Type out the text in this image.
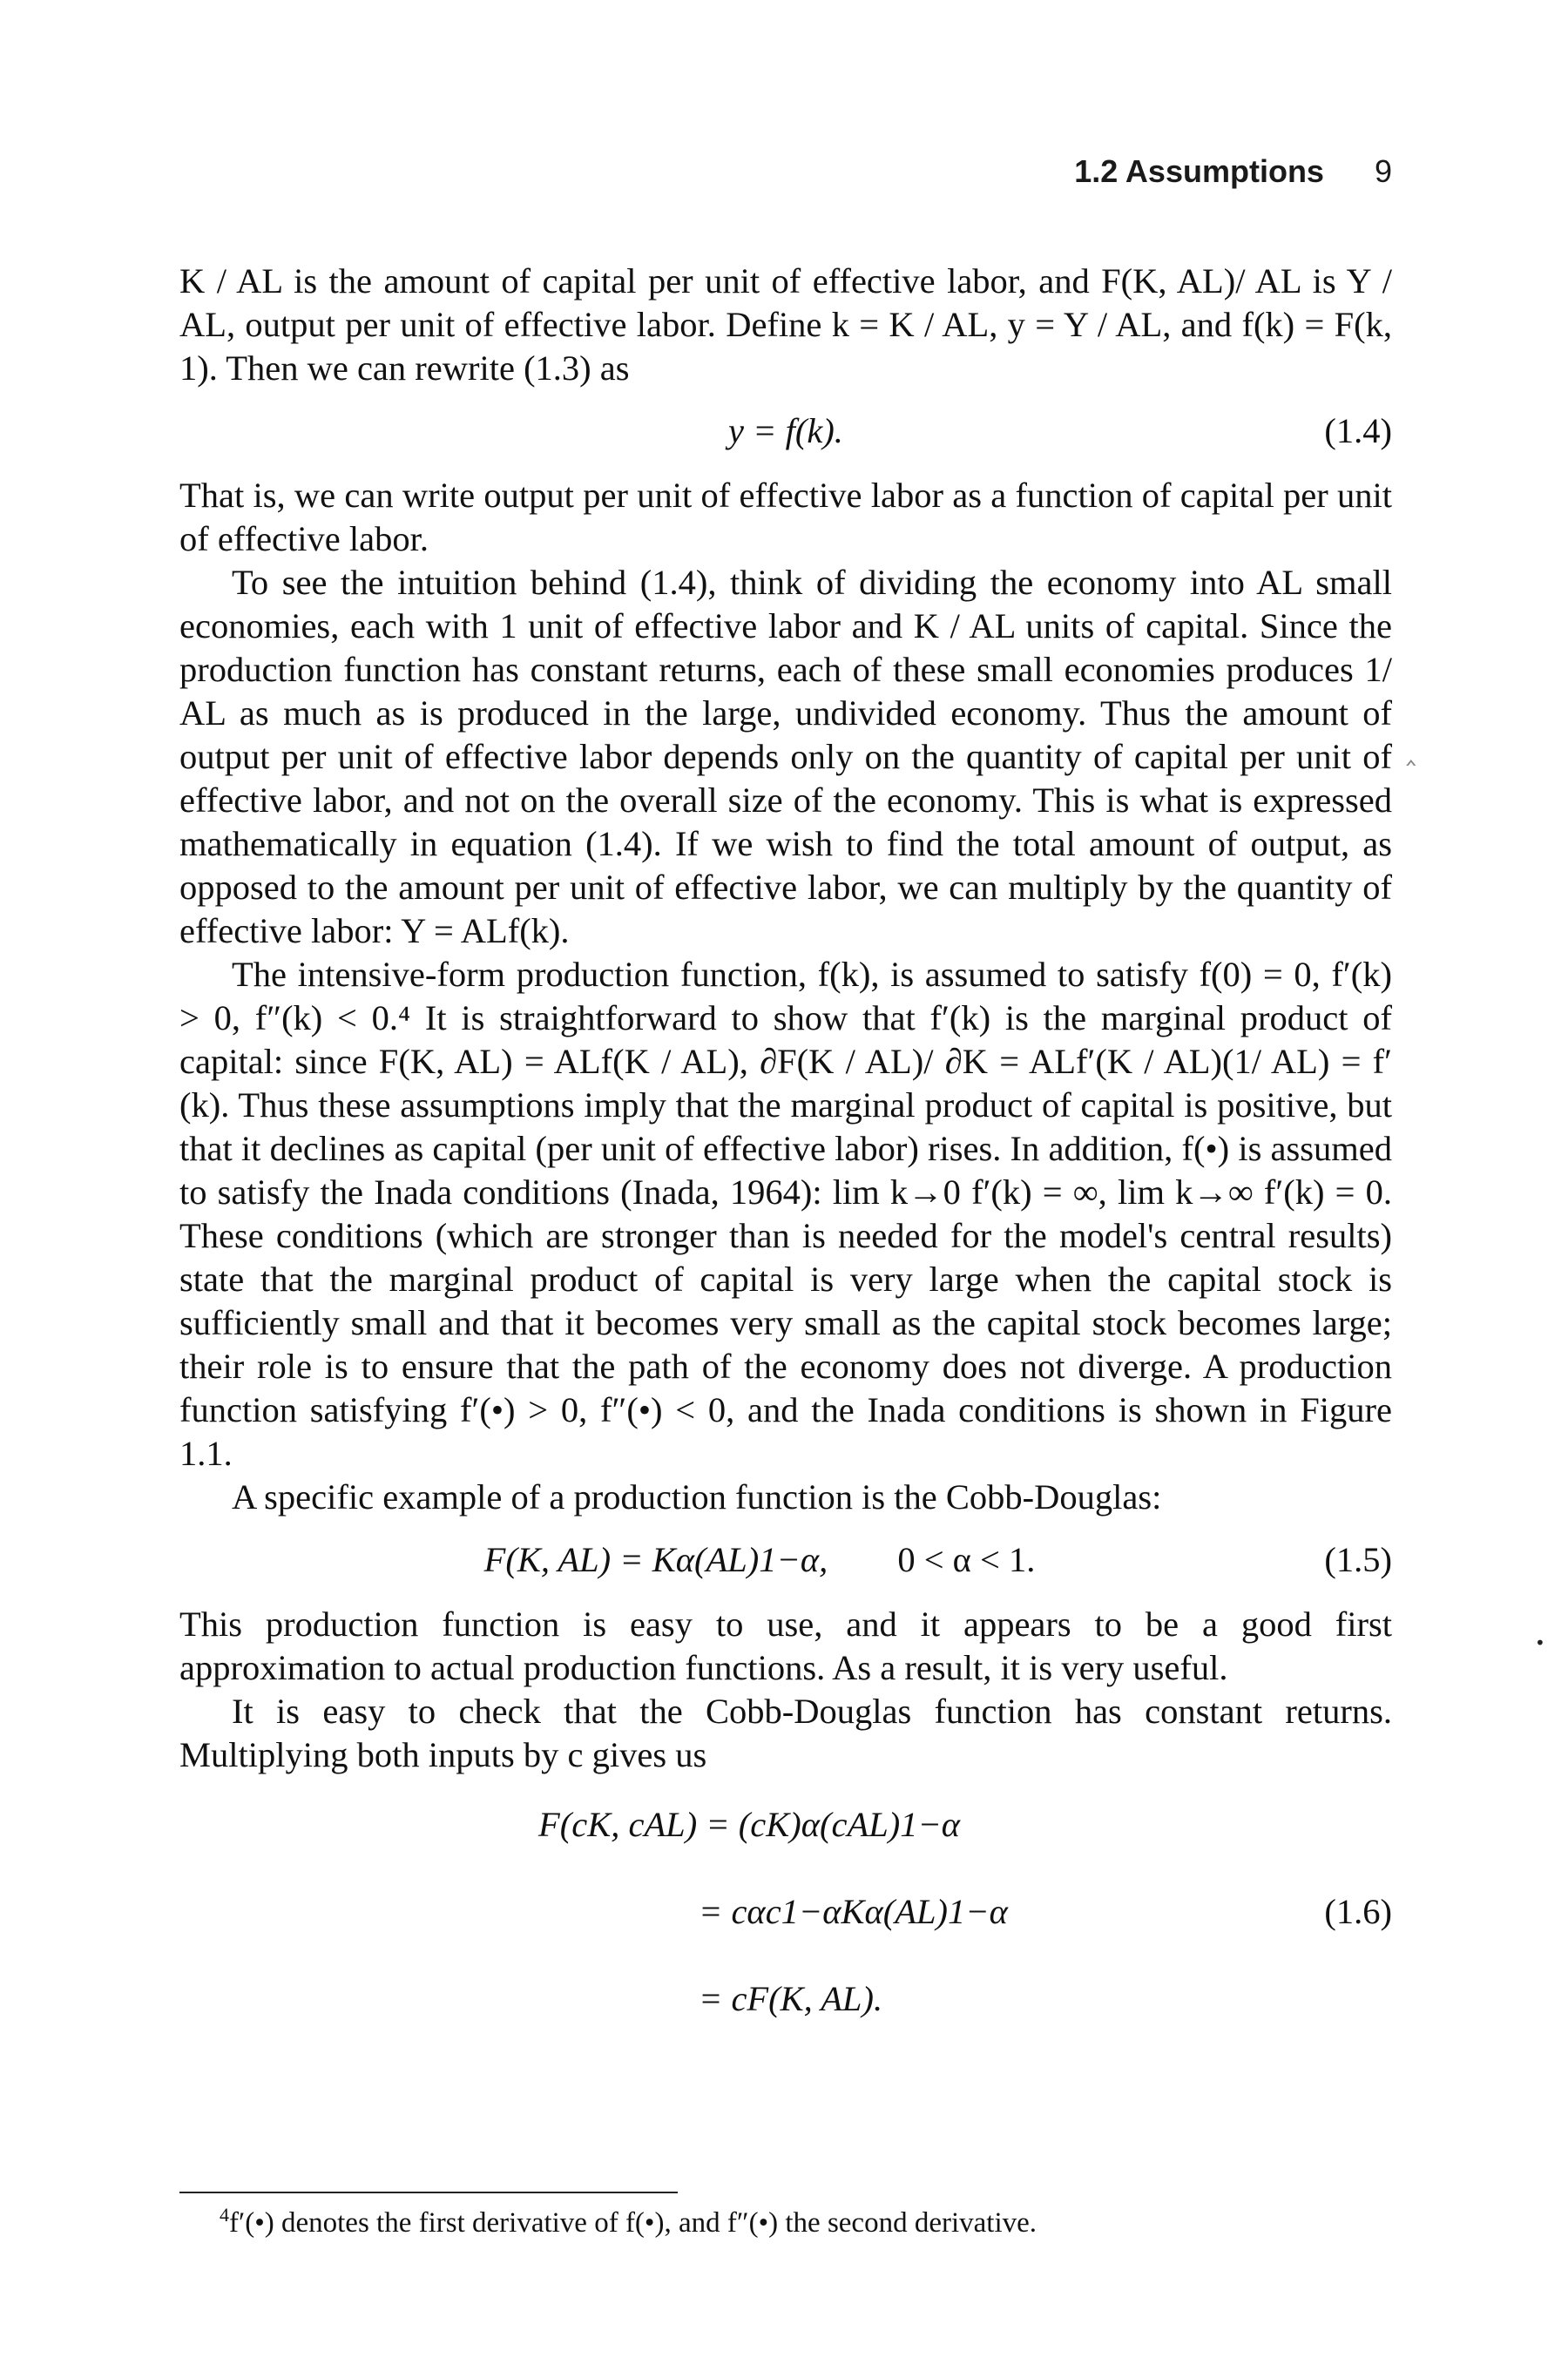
1.2 Assumptions 9

K / AL is the amount of capital per unit of effective labor, and F(K, AL)/ AL is Y / AL, output per unit of effective labor. Define k = K / AL, y = Y / AL, and f(k) = F(k, 1). Then we can rewrite (1.3) as

y = f(k).	(1.4)

That is, we can write output per unit of effective labor as a function of capital per unit of effective labor.

To see the intuition behind (1.4), think of dividing the economy into AL small economies, each with 1 unit of effective labor and K / AL units of capital. Since the production function has constant returns, each of these small economies produces 1/ AL as much as is produced in the large, undivided economy. Thus the amount of output per unit of effective labor depends only on the quantity of capital per unit of effective labor, and not on the overall size of the economy. This is what is expressed mathematically in equation (1.4). If we wish to find the total amount of output, as opposed to the amount per unit of effective labor, we can multiply by the quantity of effective labor: Y = ALf(k).

The intensive-form production function, f(k), is assumed to satisfy f(0) = 0, f′(k) > 0, f″(k) < 0.⁴ It is straightforward to show that f′(k) is the marginal product of capital: since F(K, AL) = ALf(K / AL), ∂F(K / AL)/ ∂K = ALf′(K / AL)(1/ AL) = f′(k). Thus these assumptions imply that the marginal product of capital is positive, but that it declines as capital (per unit of effective labor) rises. In addition, f(•) is assumed to satisfy the Inada conditions (Inada, 1964): lim k→0 f′(k) = ∞, lim k→∞ f′(k) = 0. These conditions (which are stronger than is needed for the model's central results) state that the marginal product of capital is very large when the capital stock is sufficiently small and that it becomes very small as the capital stock becomes large; their role is to ensure that the path of the economy does not diverge. A production function satisfying f′(•) > 0, f″(•) < 0, and the Inada conditions is shown in Figure 1.1.

A specific example of a production function is the Cobb-Douglas:

F(K, AL) = Kα(AL)1−α, 0 < α < 1.	(1.5)

This production function is easy to use, and it appears to be a good first approximation to actual production functions. As a result, it is very useful.

It is easy to check that the Cobb-Douglas function has constant returns. Multiplying both inputs by c gives us

F(cK, cAL) = (cK)α(cAL)1−α
= cαc1−αKα(AL)1−α
= cF(K, AL).
(1.6)
$^4$f′(•) denotes the first derivative of f(•), and f″(•) the second derivative.
‸
•
